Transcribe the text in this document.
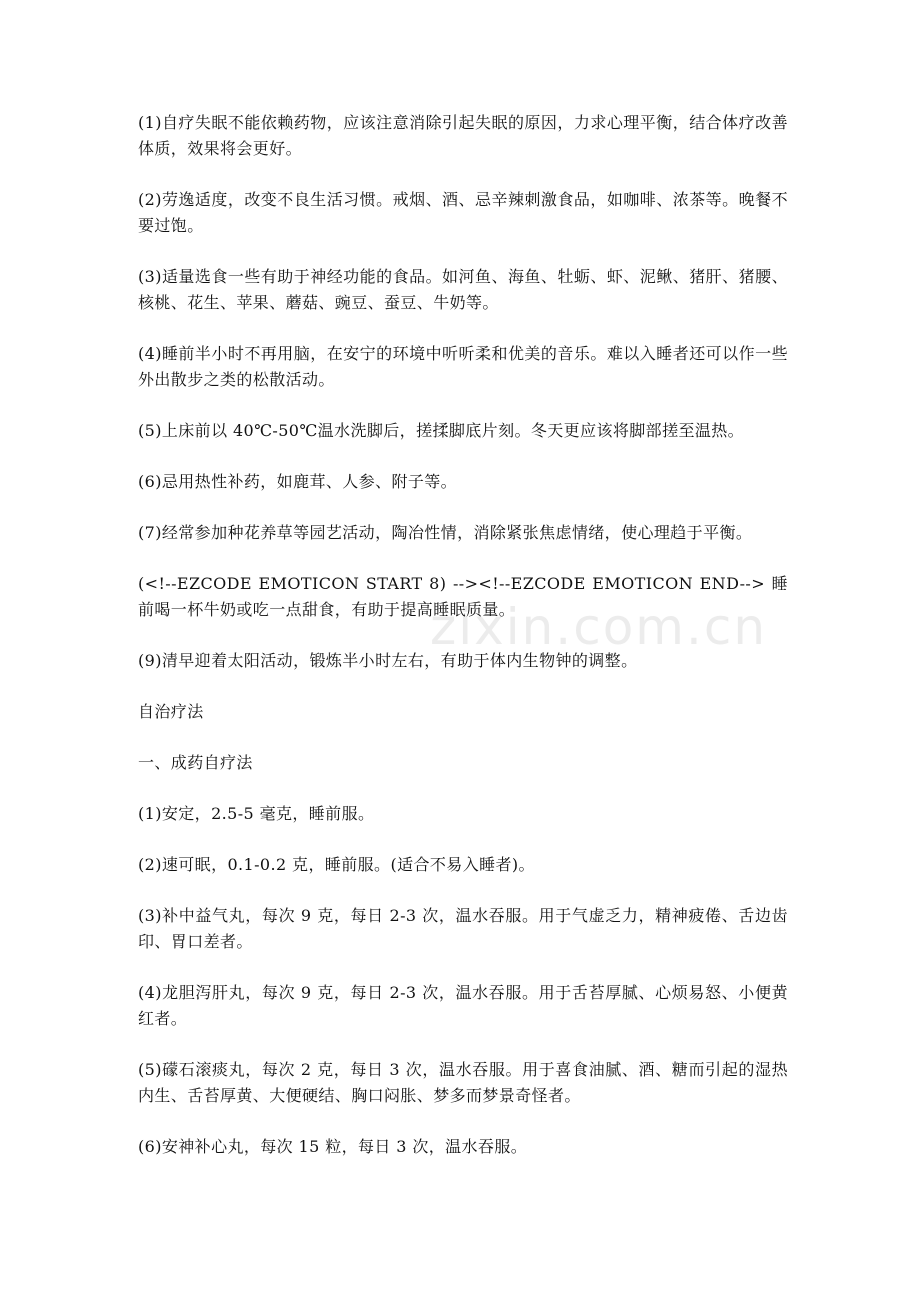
(1)自疗失眠不能依赖药物，应该注意消除引起失眠的原因，力求心理平衡，结合体疗改善体质，效果将会更好。

(2)劳逸适度，改变不良生活习惯。戒烟、酒、忌辛辣刺激食品，如咖啡、浓茶等。晚餐不要过饱。

(3)适量选食一些有助于神经功能的食品。如河鱼、海鱼、牡蛎、虾、泥鳅、猪肝、猪腰、核桃、花生、苹果、蘑菇、豌豆、蚕豆、牛奶等。

(4)睡前半小时不再用脑，在安宁的环境中听听柔和优美的音乐。难以入睡者还可以作一些外出散步之类的松散活动。

(5)上床前以 40℃-50℃温水洗脚后，搓揉脚底片刻。冬天更应该将脚部搓至温热。

(6)忌用热性补药，如鹿茸、人参、附子等。

(7)经常参加种花养草等园艺活动，陶冶性情，消除紧张焦虑情绪，使心理趋于平衡。

(<!--EZCODE EMOTICON START 8) --><!--EZCODE EMOTICON END--> 睡前喝一杯牛奶或吃一点甜食，有助于提高睡眠质量。

(9)清早迎着太阳活动，锻炼半小时左右，有助于体内生物钟的调整。

自治疗法

一、成药自疗法

(1)安定，2.5-5 毫克，睡前服。

(2)速可眠，0.1-0.2 克，睡前服。(适合不易入睡者)。

(3)补中益气丸，每次 9 克，每日 2-3 次，温水吞服。用于气虚乏力，精神疲倦、舌边齿印、胃口差者。

(4)龙胆泻肝丸，每次 9 克，每日 2-3 次，温水吞服。用于舌苔厚腻、心烦易怒、小便黄红者。

(5)礞石滚痰丸，每次 2 克，每日 3 次，温水吞服。用于喜食油腻、酒、糖而引起的湿热内生、舌苔厚黄、大便硬结、胸口闷胀、梦多而梦景奇怪者。

(6)安神补心丸，每次 15 粒，每日 3 次，温水吞服。

zixin.com.cn
